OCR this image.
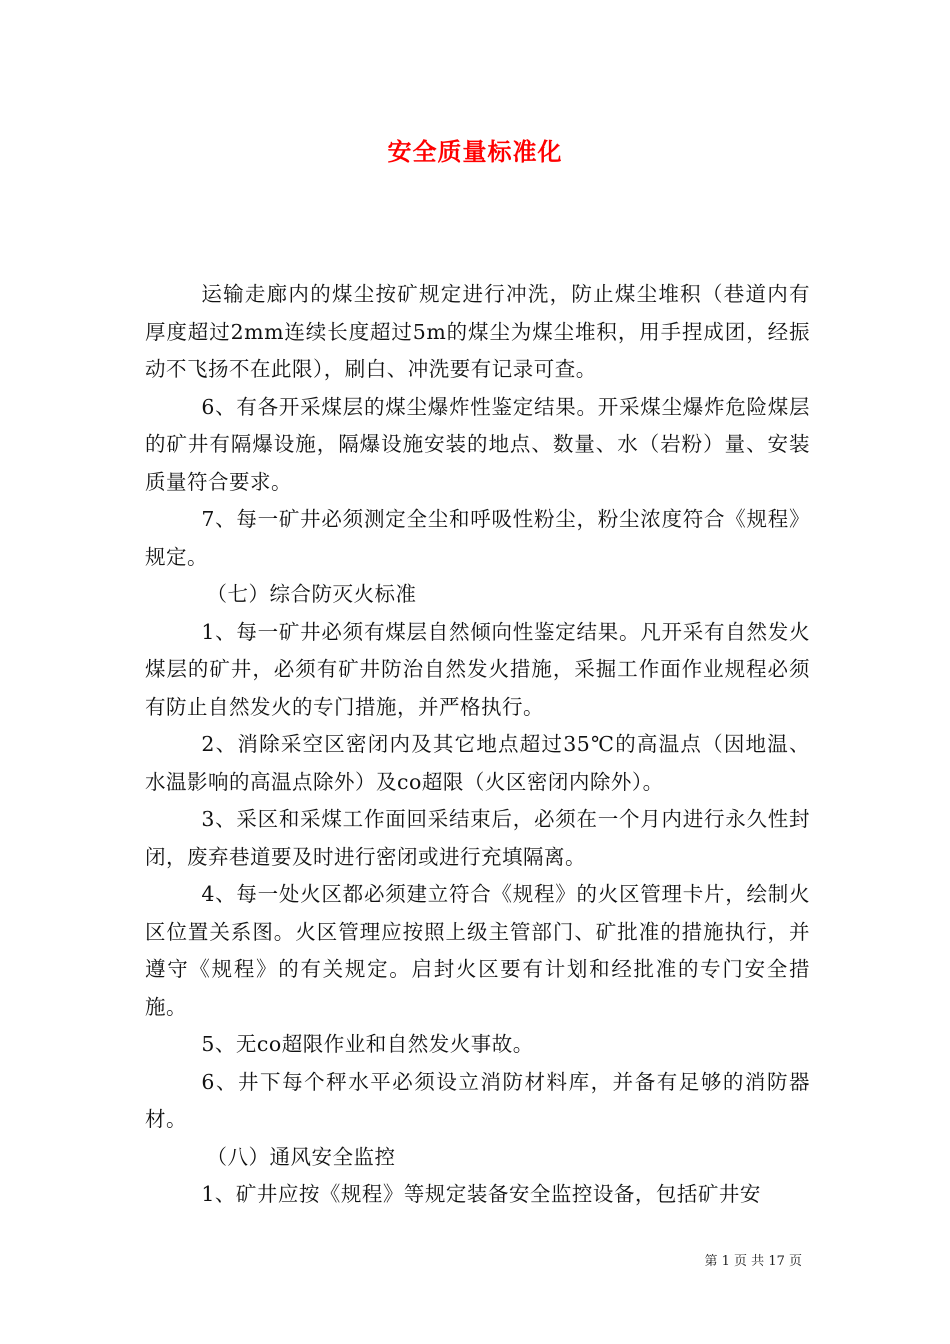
安全质量标准化

运输走廊内的煤尘按矿规定进行冲洗，防止煤尘堆积（巷道内有厚度超过2mm连续长度超过5m的煤尘为煤尘堆积，用手捏成团，经振动不飞扬不在此限），刷白、冲洗要有记录可查。

6、有各开采煤层的煤尘爆炸性鉴定结果。开采煤尘爆炸危险煤层的矿井有隔爆设施，隔爆设施安装的地点、数量、水（岩粉）量、安装质量符合要求。

7、每一矿井必须测定全尘和呼吸性粉尘，粉尘浓度符合《规程》规定。

（七）综合防灭火标准

1、每一矿井必须有煤层自然倾向性鉴定结果。凡开采有自然发火煤层的矿井，必须有矿井防治自然发火措施，采掘工作面作业规程必须有防止自然发火的专门措施，并严格执行。

2、消除采空区密闭内及其它地点超过35℃的高温点（因地温、水温影响的高温点除外）及co超限（火区密闭内除外）。

3、采区和采煤工作面回采结束后，必须在一个月内进行永久性封闭，废弃巷道要及时进行密闭或进行充填隔离。

4、每一处火区都必须建立符合《规程》的火区管理卡片，绘制火区位置关系图。火区管理应按照上级主管部门、矿批准的措施执行，并遵守《规程》的有关规定。启封火区要有计划和经批准的专门安全措施。

5、无co超限作业和自然发火事故。

6、井下每个秤水平必须设立消防材料库，并备有足够的消防器材。

（八）通风安全监控

1、矿井应按《规程》等规定装备安全监控设备，包括矿井安

第 1 页 共 17 页
